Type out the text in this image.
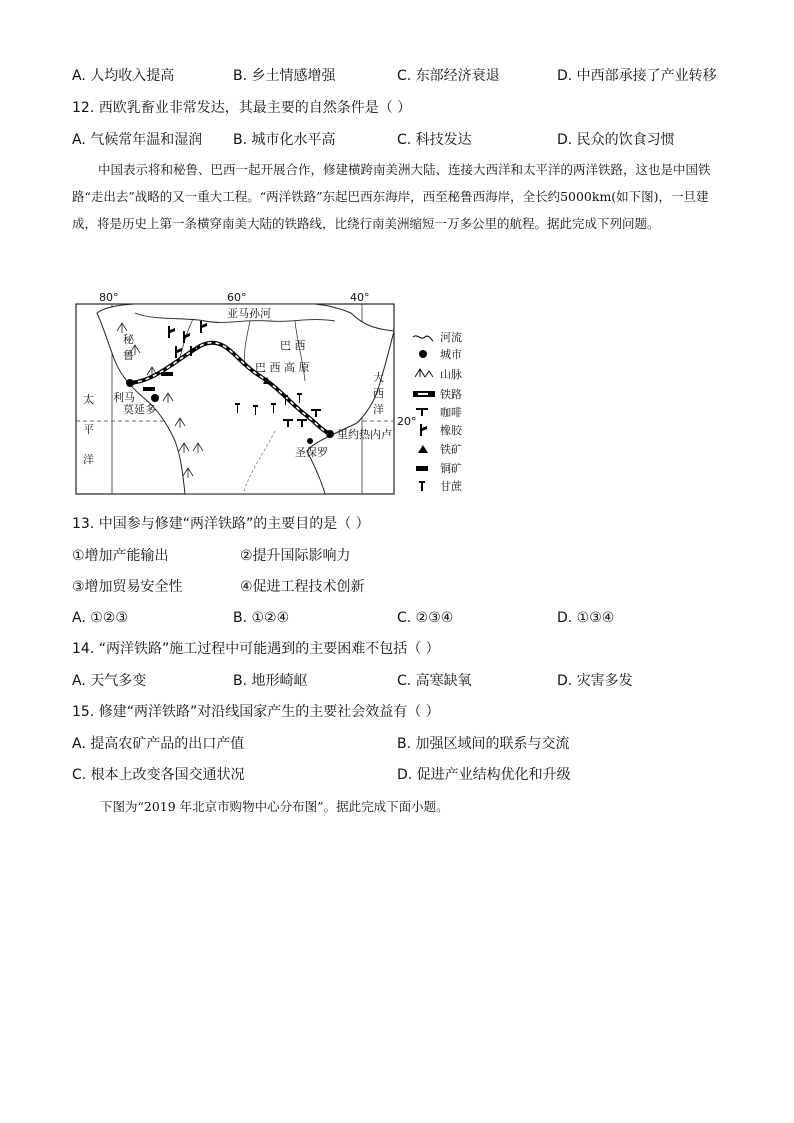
A. 人均收入提高	B. 乡土情感增强	C. 东部经济衰退	D. 中西部承接了产业转移
12. 西欧乳畜业非常发达，其最主要的自然条件是（ ）
A. 气候常年温和湿润 B. 城市化水平高	C. 科技发达	D. 民众的饮食习惯

中国表示将和秘鲁、巴西一起开展合作，修建横跨南美洲大陆、连接大西洋和太平洋的两洋铁路，这也是中国铁路“走出去”战略的又一重大工程。“两洋铁路”东起巴西东海岸，西至秘鲁西海岸，全长约5000km(如下图)，一旦建成，将是历史上第一条横穿南美大陆的铁路线，比绕行南美洲缩短一万多公里的航程。据此完成下列问题。

80°	60°	40°
20°
亚马孙河
秘
鲁
巴 西
巴 西 高 原
利马
莫延多
里约热内卢
圣保罗
太
平
洋
大
西
洋
河流
城市
山脉
铁路
咖啡
橡胶
铁矿
铜矿
甘蔗
13. 中国参与修建“两洋铁路”的主要目的是（ ）
①增加产能输出	②提升国际影响力
③增加贸易安全性	④促进工程技术创新
A. ①②③	B. ①②④	C. ②③④	D. ①③④
14. “两洋铁路”施工过程中可能遇到的主要困难不包括（ ）
A. 天气多变	B. 地形崎岖	C. 高寒缺氧	D. 灾害多发
15. 修建“两洋铁路”对沿线国家产生的主要社会效益有（ ）
A. 提高农矿产品的出口产值	B. 加强区域间的联系与交流
C. 根本上改变各国交通状况	D. 促进产业结构优化和升级
下图为“2019 年北京市购物中心分布图”。据此完成下面小题。
